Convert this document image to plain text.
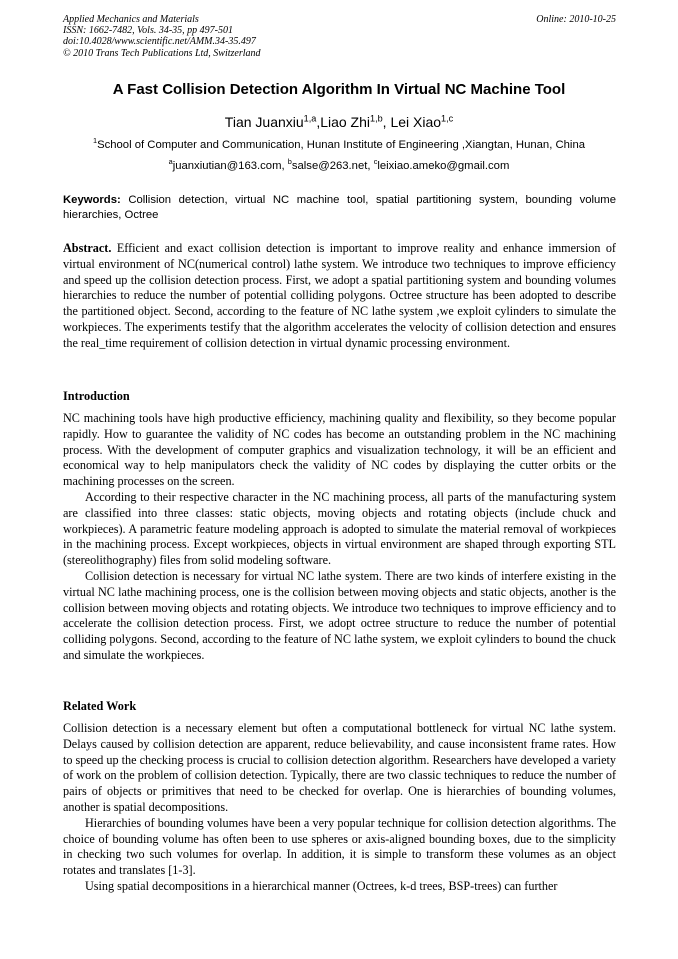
Applied Mechanics and Materials
ISSN: 1662-7482, Vols. 34-35, pp 497-501
doi:10.4028/www.scientific.net/AMM.34-35.497
© 2010 Trans Tech Publications Ltd, Switzerland
Online: 2010-10-25
A Fast Collision Detection Algorithm In Virtual NC Machine Tool
Tian Juanxiu$^{1,a}$,Liao Zhi$^{1,b}$, Lei Xiao$^{1,c}$
$^1$School of Computer and Communication, Hunan Institute of Engineering ,Xiangtan, Hunan, China
$^a$juanxiutian@163.com, $^b$salse@263.net, $^c$leixiao.ameko@gmail.com
Keywords: Collision detection, virtual NC machine tool, spatial partitioning system, bounding volume hierarchies, Octree

Abstract. Efficient and exact collision detection is important to improve reality and enhance immersion of virtual environment of NC(numerical control) lathe system. We introduce two techniques to improve efficiency and speed up the collision detection process. First, we adopt a spatial partitioning system and bounding volumes hierarchies to reduce the number of potential colliding polygons. Octree structure has been adopted to describe the partitioned object. Second, according to the feature of NC lathe system ,we exploit cylinders to simulate the workpieces. The experiments testify that the algorithm accelerates the velocity of collision detection and ensures the real_time requirement of collision detection in virtual dynamic processing environment.

Introduction

NC machining tools have high productive efficiency, machining quality and flexibility, so they become popular rapidly. How to guarantee the validity of NC codes has become an outstanding problem in the NC machining process. With the development of computer graphics and visualization technology, it will be an efficient and economical way to help manipulators check the validity of NC codes by displaying the cutter orbits or the machining processes on the screen.

According to their respective character in the NC machining process, all parts of the manufacturing system are classified into three classes: static objects, moving objects and rotating objects (include chuck and workpieces). A parametric feature modeling approach is adopted to simulate the material removal of workpieces in the machining process. Except workpieces, objects in virtual environment are shaped through exporting STL (stereolithography) files from solid modeling software.

Collision detection is necessary for virtual NC lathe system. There are two kinds of interfere existing in the virtual NC lathe machining process, one is the collision between moving objects and static objects, another is the collision between moving objects and rotating objects. We introduce two techniques to improve efficiency and to accelerate the collision detection process. First, we adopt octree structure to reduce the number of potential colliding polygons. Second, according to the feature of NC lathe system, we exploit cylinders to bound the chuck and simulate the workpieces.

Related Work

Collision detection is a necessary element but often a computational bottleneck for virtual NC lathe system. Delays caused by collision detection are apparent, reduce believability, and cause inconsistent frame rates. How to speed up the checking process is crucial to collision detection algorithm. Researchers have developed a variety of work on the problem of collision detection. Typically, there are two classic techniques to reduce the number of pairs of objects or primitives that need to be checked for overlap. One is hierarchies of bounding volumes, another is spatial decompositions.

Hierarchies of bounding volumes have been a very popular technique for collision detection algorithms. The choice of bounding volume has often been to use spheres or axis-aligned bounding boxes, due to the simplicity in checking two such volumes for overlap. In addition, it is simple to transform these volumes as an object rotates and translates [1-3].

Using spatial decompositions in a hierarchical manner (Octrees, k-d trees, BSP-trees) can further
